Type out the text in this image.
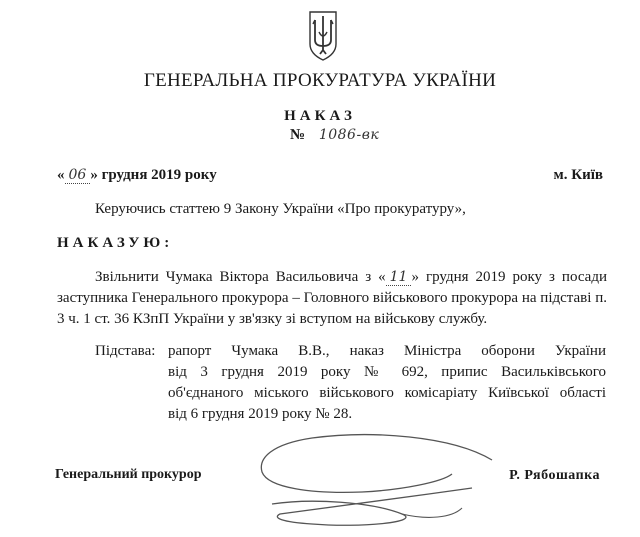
ГЕНЕРАЛЬНА ПРОКУРАТУРА УКРАЇНИ
НАКАЗ
№ 1086-вк
« 06 » грудня 2019 року	м. Київ
Керуючись статтею 9 Закону України «Про прокуратуру»,
НАКАЗУЮ:
Звільнити Чумака Віктора Васильовича з « 11 » грудня 2019 року з посади заступника Генерального прокурора – Головного військового прокурора на підставі п. 3 ч. 1 ст. 36 КЗпП України у зв'язку зі вступом на військову службу.
Підстава: рапорт Чумака В.В., наказ Міністра оборони України
від 3 грудня 2019 року № 692, припис Васильківського
об'єднаного міського військового комісаріату Київської області
від 6 грудня 2019 року № 28.
Генеральний прокурор	Р. Рябошапка
